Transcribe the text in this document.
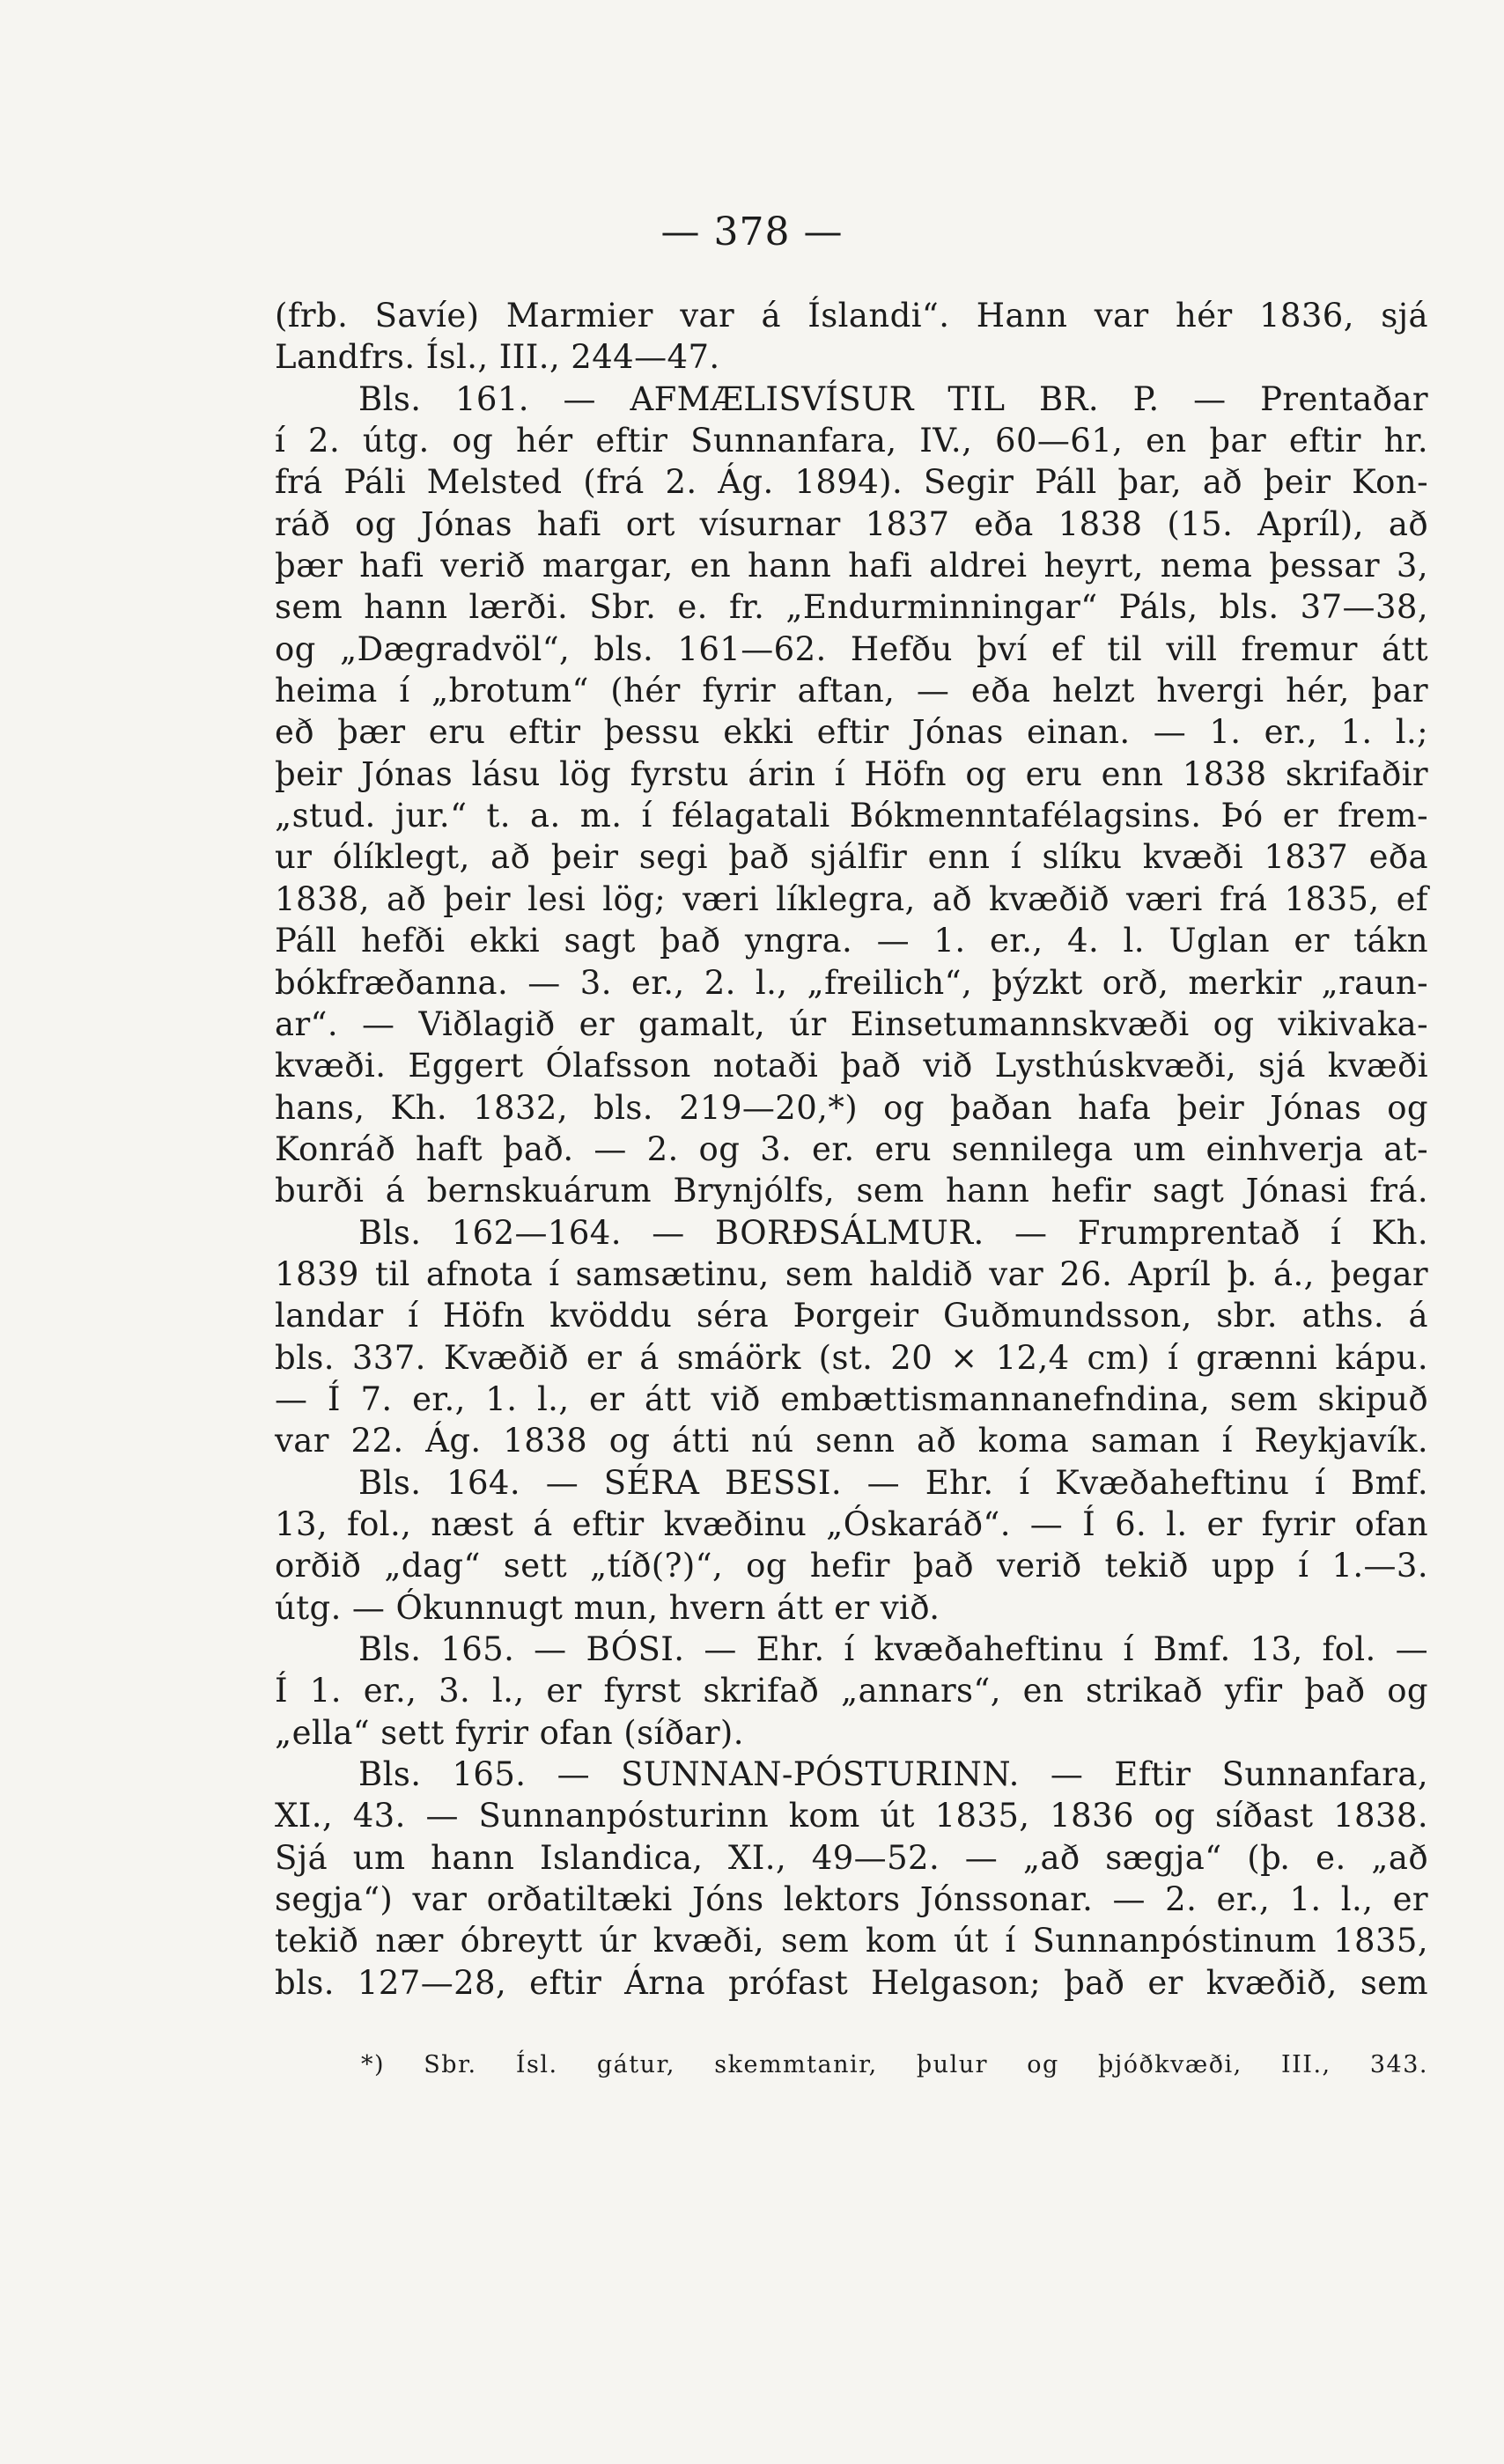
— 378 —
(frb. Savíe) Marmier var á Íslandi“. Hann var hér 1836, sjá
Landfrs. Ísl., III., 244—47.
Bls. 161. — AFMÆLISVÍSUR TIL BR. P. — Prentaðar
í 2. útg. og hér eftir Sunnanfara, IV., 60—61, en þar eftir hr.
frá Páli Melsted (frá 2. Ág. 1894). Segir Páll þar, að þeir Kon-
ráð og Jónas hafi ort vísurnar 1837 eða 1838 (15. Apríl), að
þær hafi verið margar, en hann hafi aldrei heyrt, nema þessar 3,
sem hann lærði. Sbr. e. fr. „Endurminningar“ Páls, bls. 37—38,
og „Dægradvöl“, bls. 161—62. Hefðu því ef til vill fremur átt
heima í „brotum“ (hér fyrir aftan, — eða helzt hvergi hér, þar
eð þær eru eftir þessu ekki eftir Jónas einan. — 1. er., 1. l.;
þeir Jónas lásu lög fyrstu árin í Höfn og eru enn 1838 skrifaðir
„stud. jur.“ t. a. m. í félagatali Bókmenntafélagsins. Þó er frem-
ur ólíklegt, að þeir segi það sjálfir enn í slíku kvæði 1837 eða
1838, að þeir lesi lög; væri líklegra, að kvæðið væri frá 1835, ef
Páll hefði ekki sagt það yngra. — 1. er., 4. l. Uglan er tákn
bókfræðanna. — 3. er., 2. l., „freilich“, þýzkt orð, merkir „raun-
ar“. — Viðlagið er gamalt, úr Einsetumannskvæði og vikivaka-
kvæði. Eggert Ólafsson notaði það við Lysthúskvæði, sjá kvæði
hans, Kh. 1832, bls. 219—20,*) og þaðan hafa þeir Jónas og
Konráð haft það. — 2. og 3. er. eru sennilega um einhverja at-
burði á bernskuárum Brynjólfs, sem hann hefir sagt Jónasi frá.
Bls. 162—164. — BORÐSÁLMUR. — Frumprentað í Kh.
1839 til afnota í samsætinu, sem haldið var 26. Apríl þ. á., þegar
landar í Höfn kvöddu séra Þorgeir Guðmundsson, sbr. aths. á
bls. 337. Kvæðið er á smáörk (st. 20 × 12,4 cm) í grænni kápu.
— Í 7. er., 1. l., er átt við embættismannanefndina, sem skipuð
var 22. Ág. 1838 og átti nú senn að koma saman í Reykjavík.
Bls. 164. — SÉRA BESSI. — Ehr. í Kvæðaheftinu í Bmf.
13, fol., næst á eftir kvæðinu „Óskaráð“. — Í 6. l. er fyrir ofan
orðið „dag“ sett „tíð(?)“, og hefir það verið tekið upp í 1.—3.
útg. — Ókunnugt mun, hvern átt er við.
Bls. 165. — BÓSI. — Ehr. í kvæðaheftinu í Bmf. 13, fol. —
Í 1. er., 3. l., er fyrst skrifað „annars“, en strikað yfir það og
„ella“ sett fyrir ofan (síðar).
Bls. 165. — SUNNAN-PÓSTURINN. — Eftir Sunnanfara,
XI., 43. — Sunnanpósturinn kom út 1835, 1836 og síðast 1838.
Sjá um hann Islandica, XI., 49—52. — „að sægja“ (þ. e. „að
segja“) var orðatiltæki Jóns lektors Jónssonar. — 2. er., 1. l., er
tekið nær óbreytt úr kvæði, sem kom út í Sunnanpóstinum 1835,
bls. 127—28, eftir Árna prófast Helgason; það er kvæðið, sem
*) Sbr. Ísl. gátur, skemmtanir, þulur og þjóðkvæði, III., 343.
